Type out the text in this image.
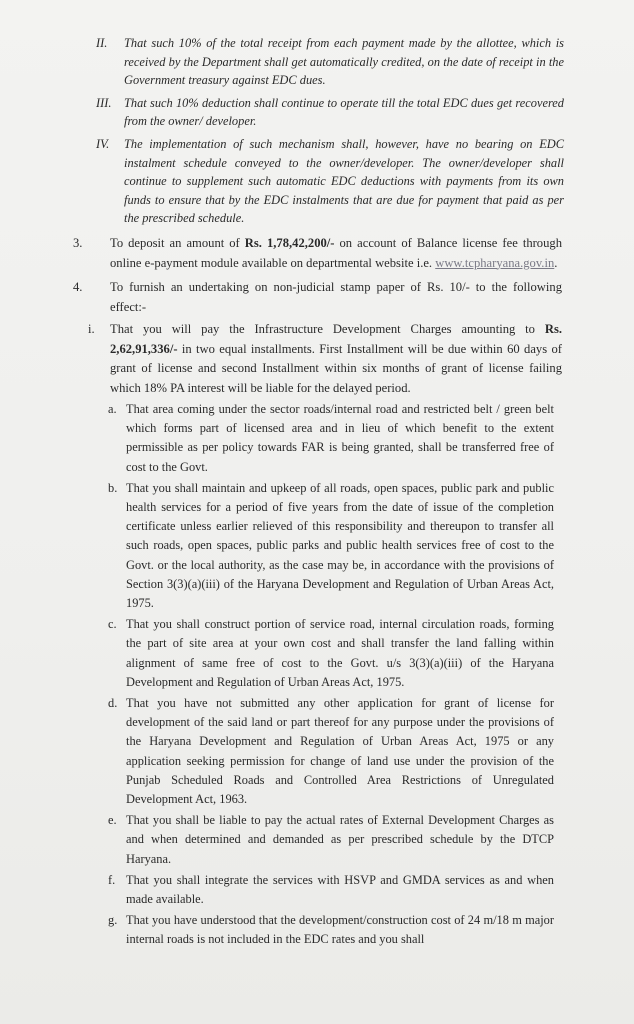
II. That such 10% of the total receipt from each payment made by the allottee, which is received by the Department shall get automatically credited, on the date of receipt in the Government treasury against EDC dues.
III. That such 10% deduction shall continue to operate till the total EDC dues get recovered from the owner/ developer.
IV. The implementation of such mechanism shall, however, have no bearing on EDC instalment schedule conveyed to the owner/developer. The owner/developer shall continue to supplement such automatic EDC deductions with payments from its own funds to ensure that by the EDC instalments that are due for payment that paid as per the prescribed schedule.
3. To deposit an amount of Rs. 1,78,42,200/- on account of Balance license fee through online e-payment module available on departmental website i.e. www.tcpharyana.gov.in.
4. To furnish an undertaking on non-judicial stamp paper of Rs. 10/- to the following effect:-
i. That you will pay the Infrastructure Development Charges amounting to Rs. 2,62,91,336/- in two equal installments. First Installment will be due within 60 days of grant of license and second Installment within six months of grant of license failing which 18% PA interest will be liable for the delayed period.
a. That area coming under the sector roads/internal road and restricted belt / green belt which forms part of licensed area and in lieu of which benefit to the extent permissible as per policy towards FAR is being granted, shall be transferred free of cost to the Govt.
b. That you shall maintain and upkeep of all roads, open spaces, public park and public health services for a period of five years from the date of issue of the completion certificate unless earlier relieved of this responsibility and thereupon to transfer all such roads, open spaces, public parks and public health services free of cost to the Govt. or the local authority, as the case may be, in accordance with the provisions of Section 3(3)(a)(iii) of the Haryana Development and Regulation of Urban Areas Act, 1975.
c. That you shall construct portion of service road, internal circulation roads, forming the part of site area at your own cost and shall transfer the land falling within alignment of same free of cost to the Govt. u/s 3(3)(a)(iii) of the Haryana Development and Regulation of Urban Areas Act, 1975.
d. That you have not submitted any other application for grant of license for development of the said land or part thereof for any purpose under the provisions of the Haryana Development and Regulation of Urban Areas Act, 1975 or any application seeking permission for change of land use under the provision of the Punjab Scheduled Roads and Controlled Area Restrictions of Unregulated Development Act, 1963.
e. That you shall be liable to pay the actual rates of External Development Charges as and when determined and demanded as per prescribed schedule by the DTCP Haryana.
f. That you shall integrate the services with HSVP and GMDA services as and when made available.
g. That you have understood that the development/construction cost of 24 m/18 m major internal roads is not included in the EDC rates and you shall
